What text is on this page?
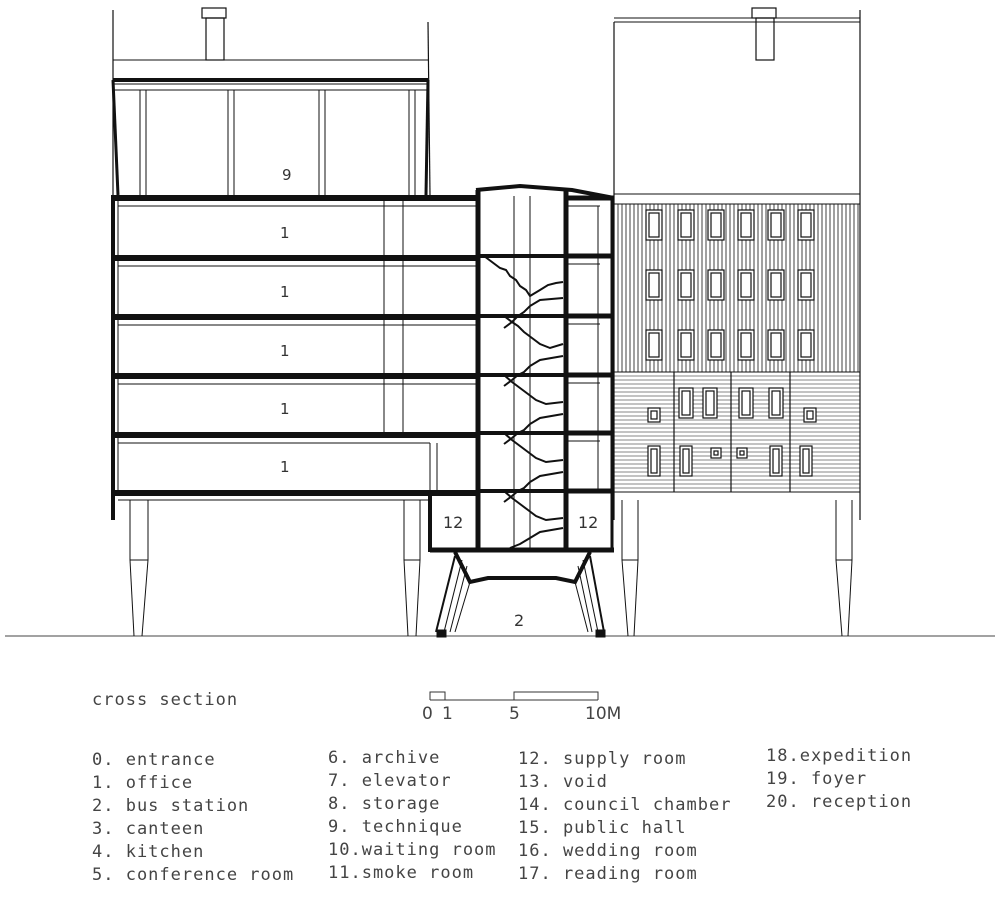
9
1
1
1
1
1
12	12
2
cross section
0 1	5	10M
0. entrance
1. office
2. bus station
3. canteen
4. kitchen
5. conference room
6. archive
7. elevator
8. storage
9. technique
10.waiting room
11.smoke room
12. supply room
13. void
14. council chamber
15. public hall
16. wedding room
17. reading room
18.expedition
19. foyer
20. reception
